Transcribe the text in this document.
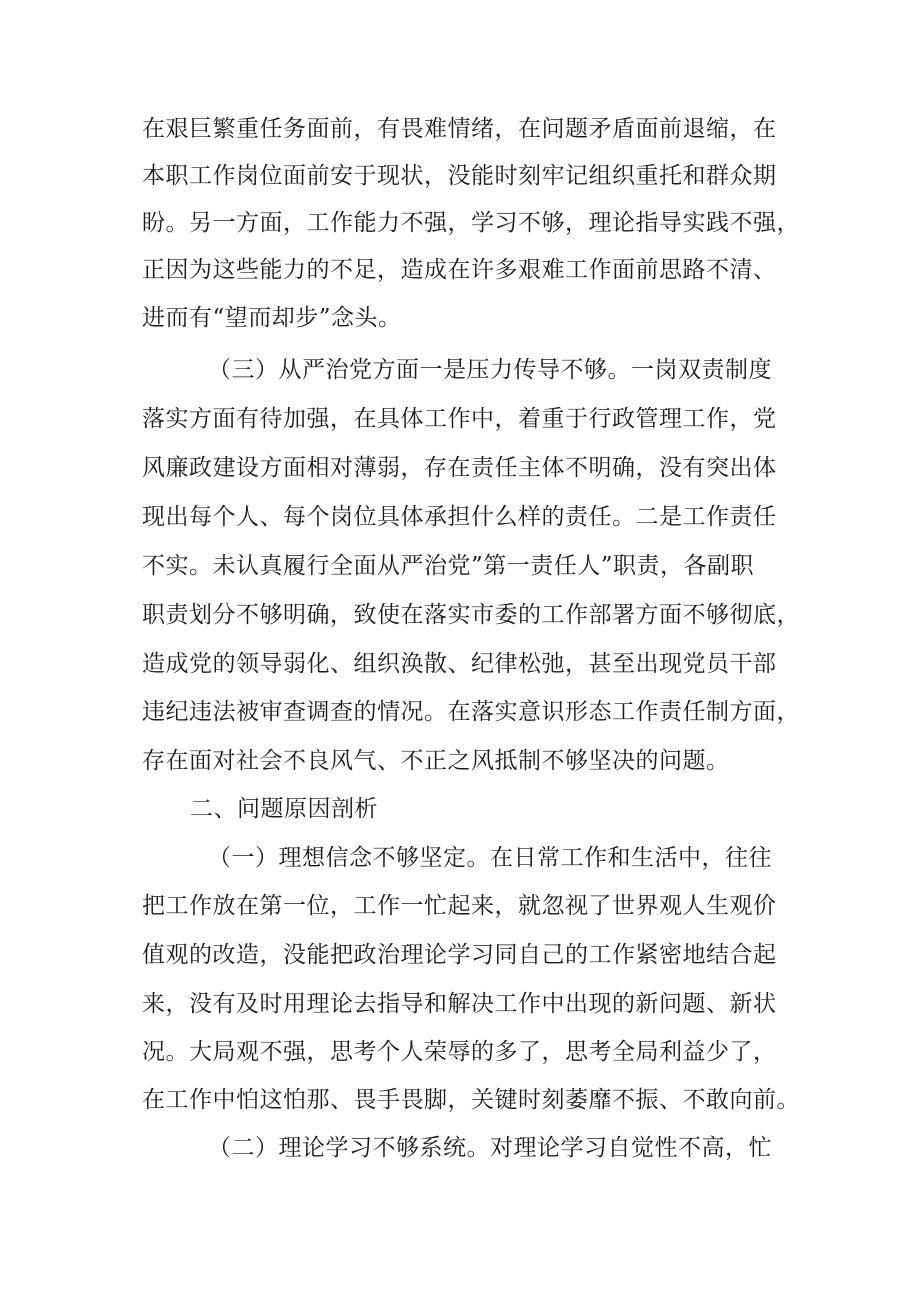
在艰巨繁重任务面前，有畏难情绪，在问题矛盾面前退缩，在
本职工作岗位面前安于现状，没能时刻牢记组织重托和群众期
盼。另一方面，工作能力不强，学习不够，理论指导实践不强，
正因为这些能力的不足，造成在许多艰难工作面前思路不清、
进而有“望而却步”念头。
（三）从严治党方面一是压力传导不够。一岗双责制度
落实方面有待加强，在具体工作中，着重于行政管理工作，党
风廉政建设方面相对薄弱，存在责任主体不明确，没有突出体
现出每个人、每个岗位具体承担什么样的责任。二是工作责任
不实。未认真履行全面从严治党”第一责任人”职责，各副职
职责划分不够明确，致使在落实市委的工作部署方面不够彻底，
造成党的领导弱化、组织涣散、纪律松弛，甚至出现党员干部
违纪违法被审查调查的情况。在落实意识形态工作责任制方面，
存在面对社会不良风气、不正之风抵制不够坚决的问题。
二、问题原因剖析
（一）理想信念不够坚定。在日常工作和生活中，往往
把工作放在第一位，工作一忙起来，就忽视了世界观人生观价
值观的改造，没能把政治理论学习同自己的工作紧密地结合起
来，没有及时用理论去指导和解决工作中出现的新问题、新状
况。大局观不强，思考个人荣辱的多了，思考全局利益少了，
在工作中怕这怕那、畏手畏脚，关键时刻萎靡不振、不敢向前。
（二）理论学习不够系统。对理论学习自觉性不高，忙
